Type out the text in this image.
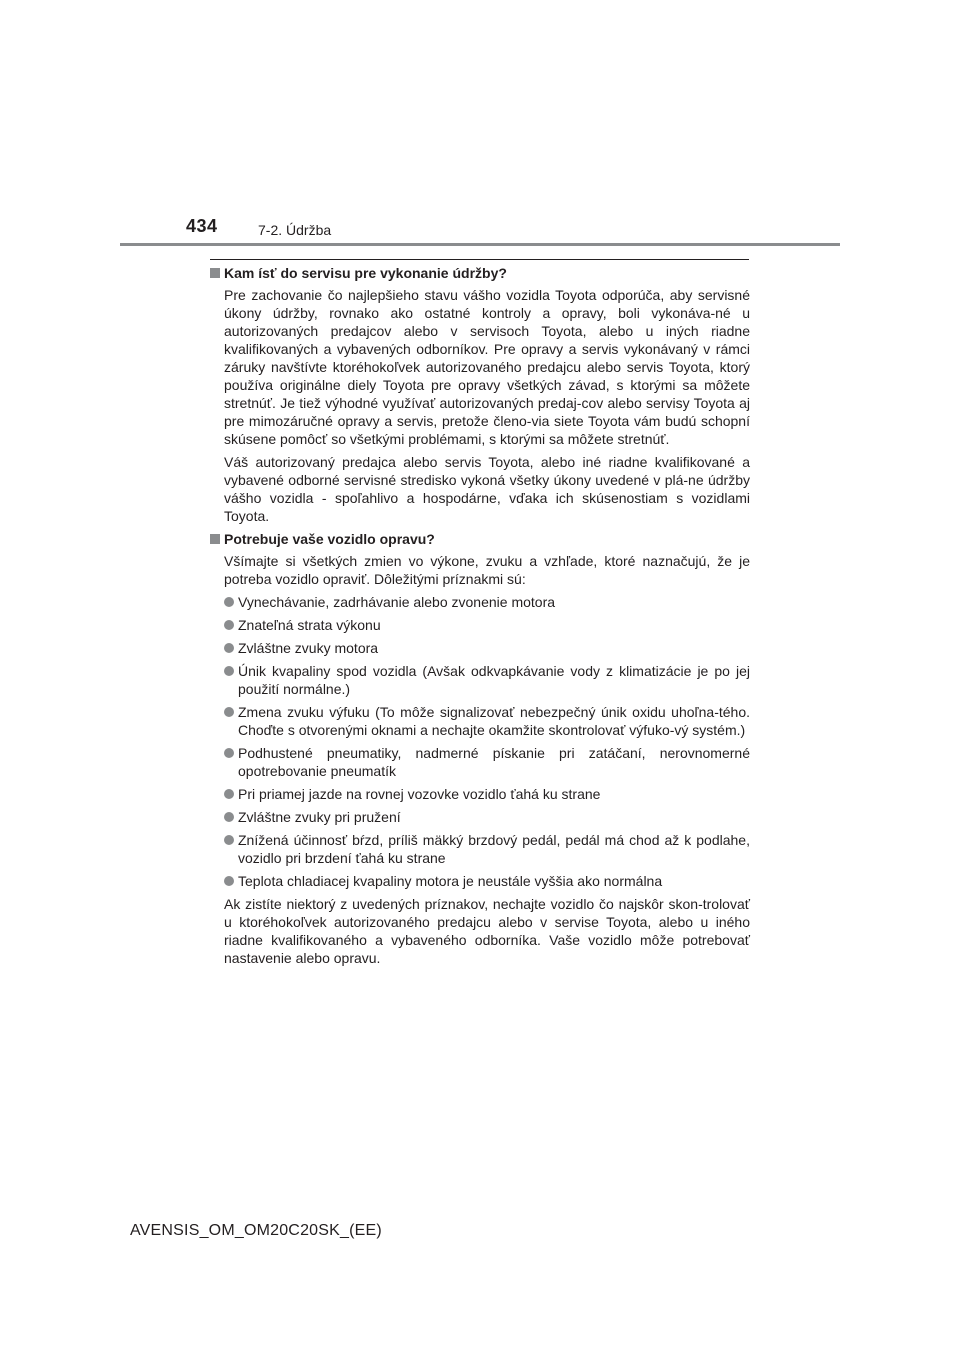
434	7-2. Údržba
Kam ísť do servisu pre vykonanie údržby?

Pre zachovanie čo najlepšieho stavu vášho vozidla Toyota odporúča, aby servisné úkony údržby, rovnako ako ostatné kontroly a opravy, boli vykonáva-né u autorizovaných predajcov alebo v servisoch Toyota, alebo u iných riadne kvalifikovaných a vybavených odborníkov. Pre opravy a servis vykonávaný v rámci záruky navštívte ktoréhokoľvek autorizovaného predajcu alebo servis Toyota, ktorý používa originálne diely Toyota pre opravy všetkých závad, s ktorými sa môžete stretnúť. Je tiež výhodné využívať autorizovaných predaj-cov alebo servisy Toyota aj pre mimozáručné opravy a servis, pretože členo-via siete Toyota vám budú schopní skúsene pomôcť so všetkými problémami, s ktorými sa môžete stretnúť.

Váš autorizovaný predajca alebo servis Toyota, alebo iné riadne kvalifikované a vybavené odborné servisné stredisko vykoná všetky úkony uvedené v plá-ne údržby vášho vozidla - spoľahlivo a hospodárne, vďaka ich skúsenostiam s vozidlami Toyota.

Potrebuje vaše vozidlo opravu?

Všímajte si všetkých zmien vo výkone, zvuku a vzhľade, ktoré naznačujú, že je potreba vozidlo opraviť. Dôležitými príznakmi sú:

Vynechávanie, zadrhávanie alebo zvonenie motora
Znateľná strata výkonu
Zvláštne zvuky motora
Únik kvapaliny spod vozidla (Avšak odkvapkávanie vody z klimatizácie je po jej použití normálne.)
Zmena zvuku výfuku (To môže signalizovať nebezpečný únik oxidu uhoľna-tého. Choďte s otvorenými oknami a nechajte okamžite skontrolovať výfuko-vý systém.)
Podhustené pneumatiky, nadmerné pískanie pri zatáčaní, nerovnomerné opotrebovanie pneumatík
Pri priamej jazde na rovnej vozovke vozidlo ťahá ku strane
Zvláštne zvuky pri pružení
Znížená účinnosť bŕzd, príliš mäkký brzdový pedál, pedál má chod až k podlahe, vozidlo pri brzdení ťahá ku strane
Teplota chladiacej kvapaliny motora je neustále vyššia ako normálna

Ak zistíte niektorý z uvedených príznakov, nechajte vozidlo čo najskôr skon-trolovať u ktoréhokoľvek autorizovaného predajcu alebo v servise Toyota, alebo u iného riadne kvalifikovaného a vybaveného odborníka. Vaše vozidlo môže potrebovať nastavenie alebo opravu.

AVENSIS_OM_OM20C20SK_(EE)
